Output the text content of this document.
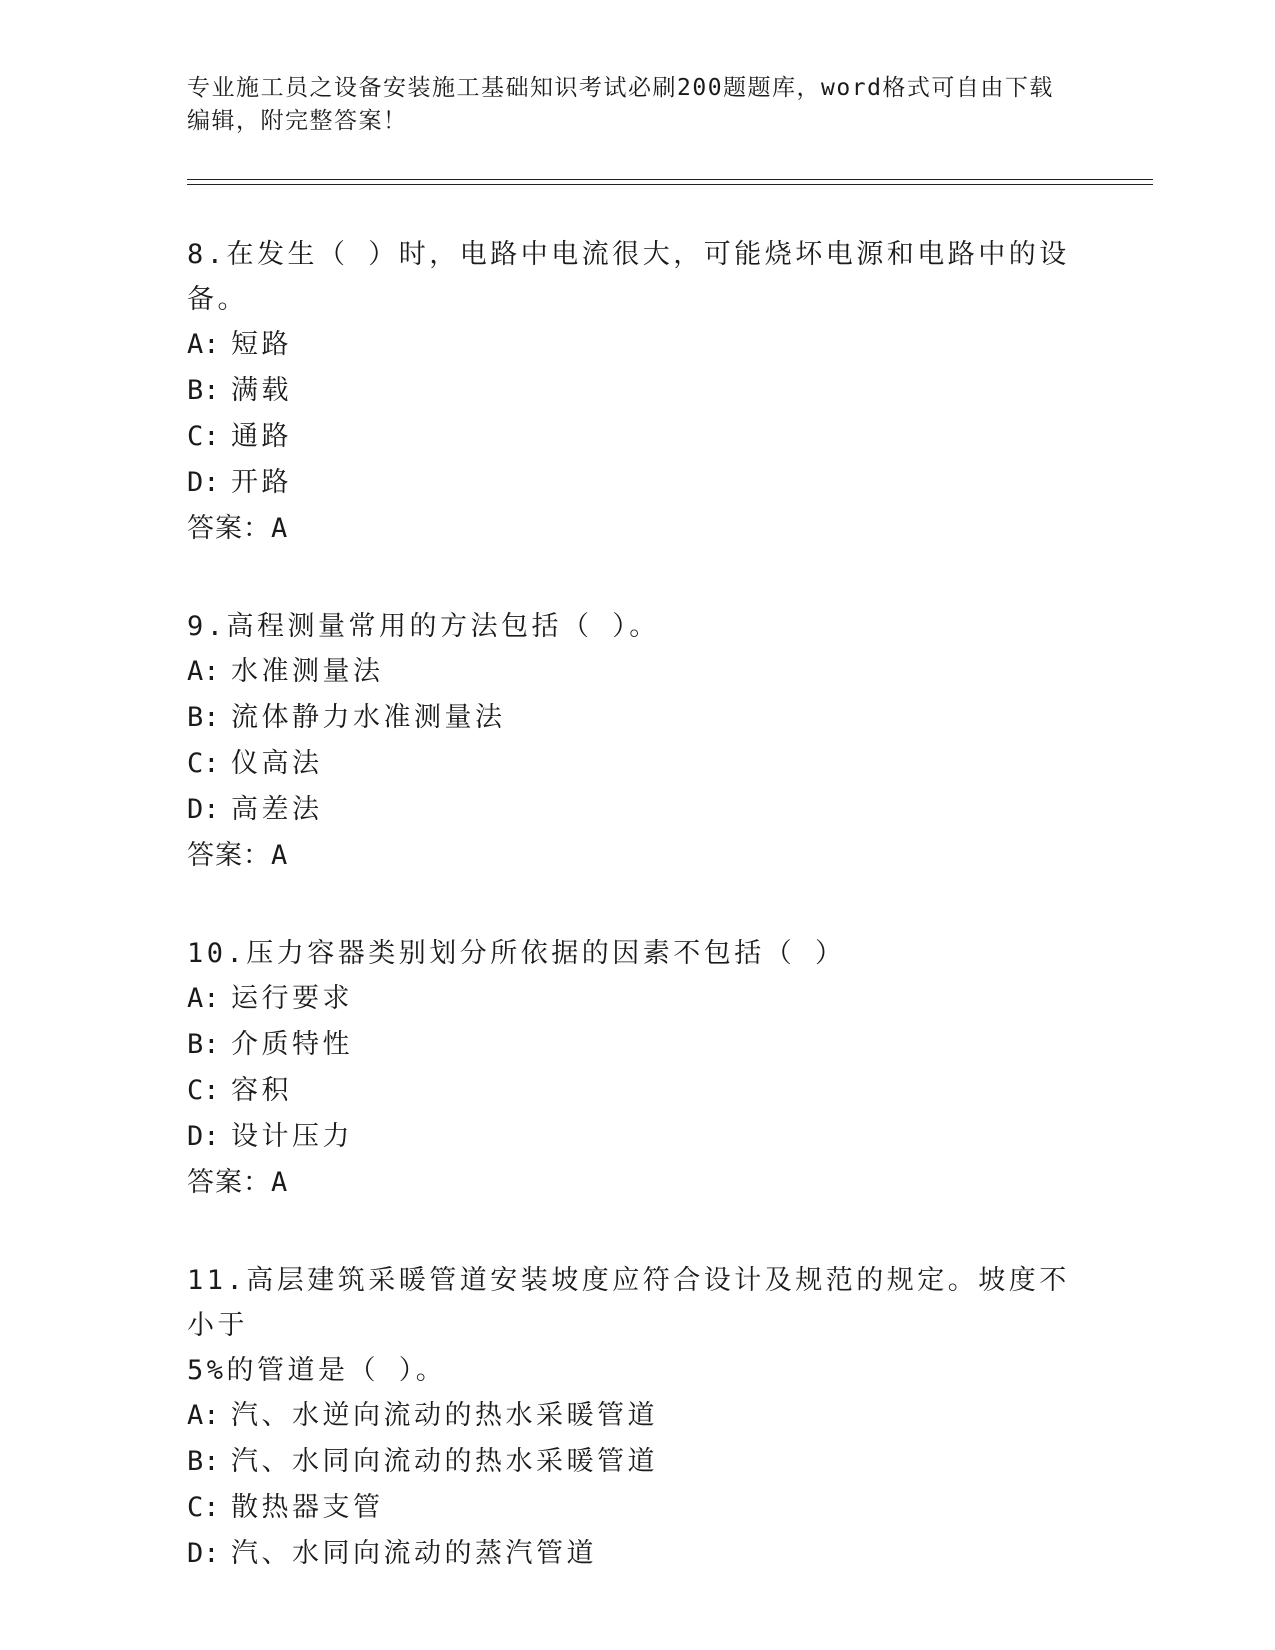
专业施工员之设备安装施工基础知识考试必刷200题题库，word格式可自由下载
编辑，附完整答案！
8.在发生（ ）时，电路中电流很大，可能烧坏电源和电路中的设备。
A: 短路
B: 满载
C: 通路
D: 开路
答案：A
9.高程测量常用的方法包括（ ）。
A: 水准测量法
B: 流体静力水准测量法
C: 仪高法
D: 高差法
答案：A
10.压力容器类别划分所依据的因素不包括（ ）
A: 运行要求
B: 介质特性
C: 容积
D: 设计压力
答案：A
11.高层建筑采暖管道安装坡度应符合设计及规范的规定。坡度不小于
5%的管道是（ ）。
A: 汽、水逆向流动的热水采暖管道
B: 汽、水同向流动的热水采暖管道
C: 散热器支管
D: 汽、水同向流动的蒸汽管道
